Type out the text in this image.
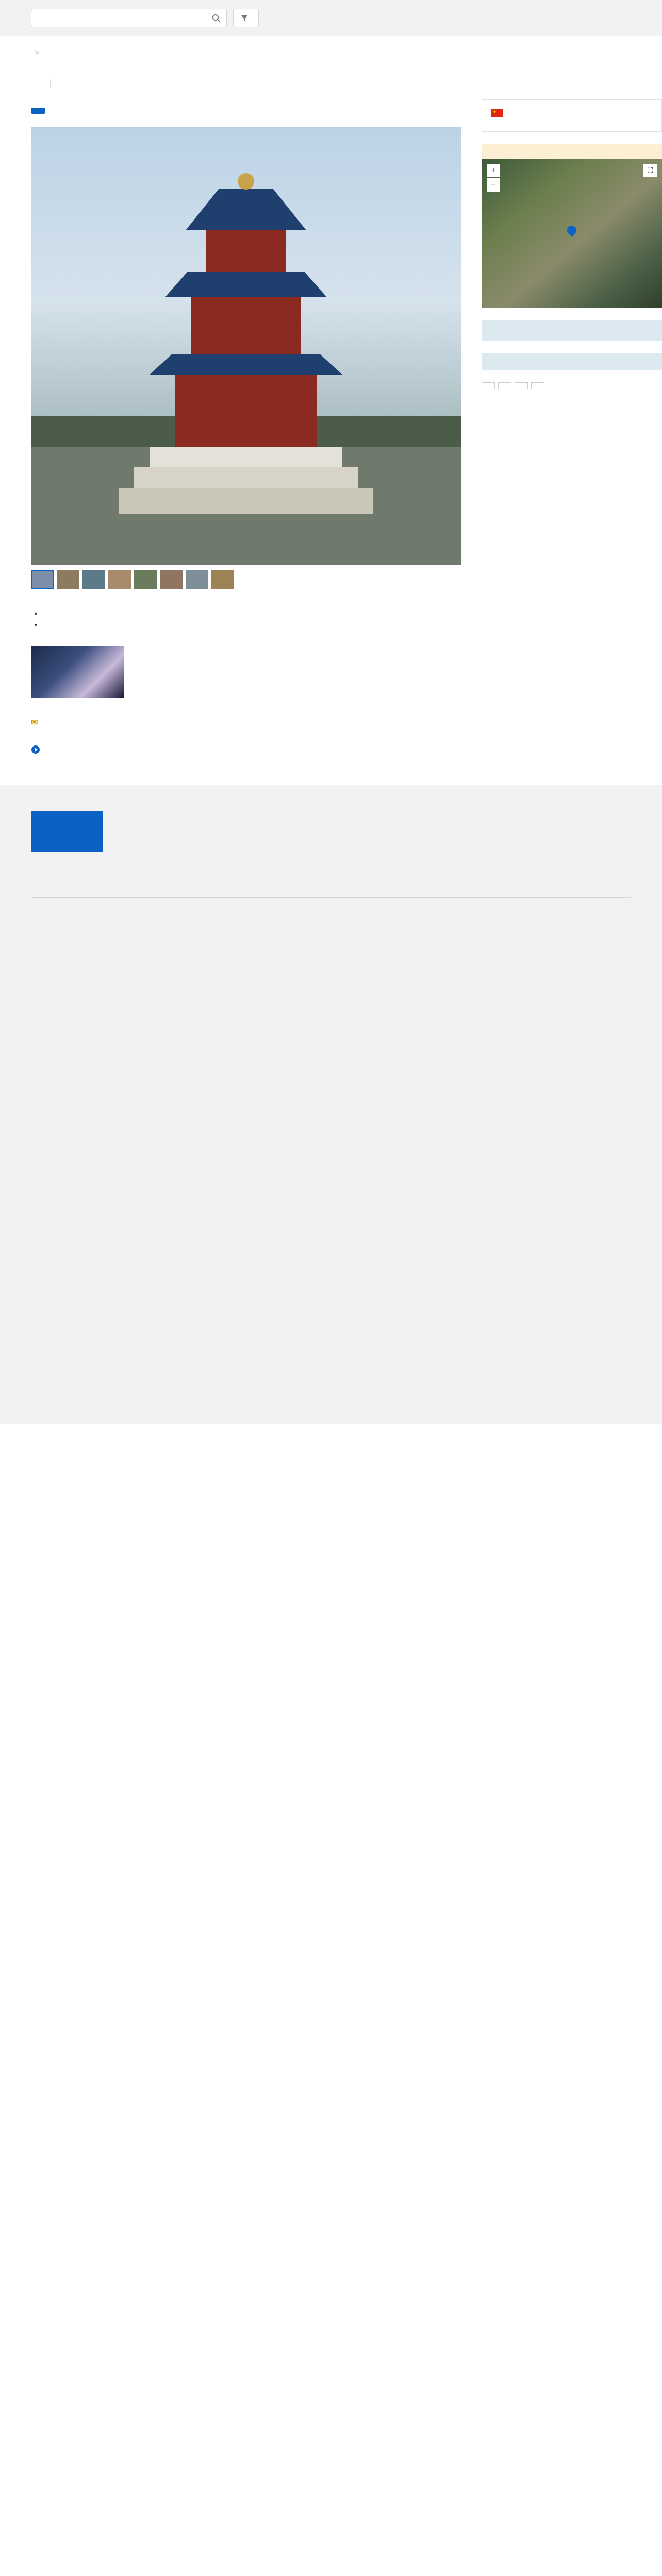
>

•
•
✉
★
+
−
⛶
